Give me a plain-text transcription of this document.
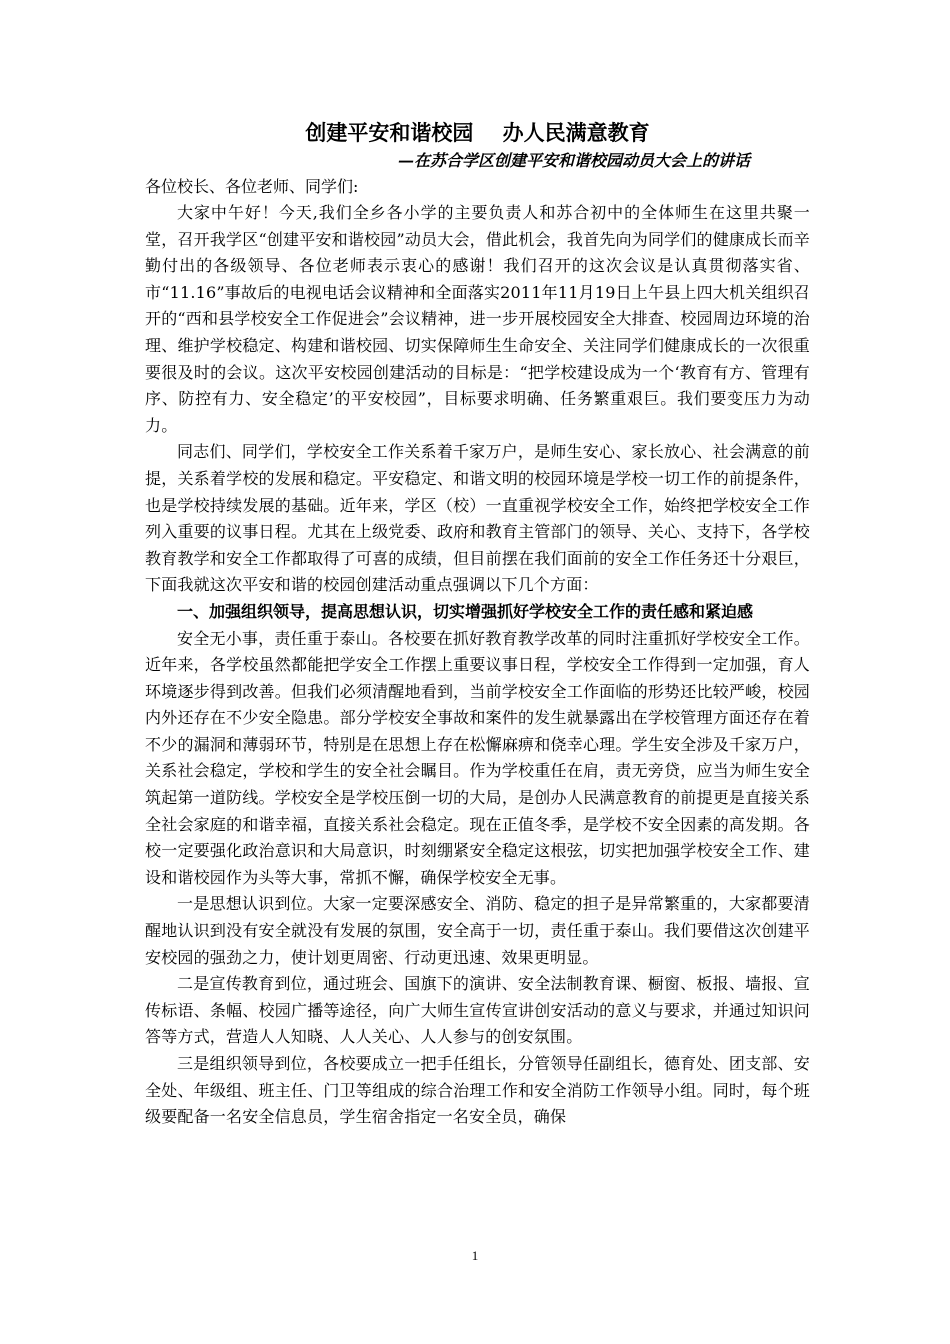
创建平安和谐校园    办人民满意教育

—在苏合学区创建平安和谐校园动员大会上的讲话

各位校长、各位老师、同学们:

大家中午好！今天,我们全乡各小学的主要负责人和苏合初中的全体师生在这里共聚一堂，召开我学区“创建平安和谐校园”动员大会，借此机会，我首先向为同学们的健康成长而辛勤付出的各级领导、各位老师表示衷心的感谢！我们召开的这次会议是认真贯彻落实省、市“11.16”事故后的电视电话会议精神和全面落实2011年11月19日上午县上四大机关组织召开的“西和县学校安全工作促进会”会议精神，进一步开展校园安全大排查、校园周边环境的治理、维护学校稳定、构建和谐校园、切实保障师生生命安全、关注同学们健康成长的一次很重要很及时的会议。这次平安校园创建活动的目标是：“把学校建设成为一个‘教育有方、管理有序、防控有力、安全稳定’的平安校园”，目标要求明确、任务繁重艰巨。我们要变压力为动力。

同志们、同学们，学校安全工作关系着千家万户，是师生安心、家长放心、社会满意的前提，关系着学校的发展和稳定。平安稳定、和谐文明的校园环境是学校一切工作的前提条件，也是学校持续发展的基础。近年来，学区（校）一直重视学校安全工作，始终把学校安全工作列入重要的议事日程。尤其在上级党委、政府和教育主管部门的领导、关心、支持下，各学校教育教学和安全工作都取得了可喜的成绩，但目前摆在我们面前的安全工作任务还十分艰巨，下面我就这次平安和谐的校园创建活动重点强调以下几个方面：

一、加强组织领导，提高思想认识，切实增强抓好学校安全工作的责任感和紧迫感

安全无小事，责任重于泰山。各校要在抓好教育教学改革的同时注重抓好学校安全工作。近年来，各学校虽然都能把学安全工作摆上重要议事日程，学校安全工作得到一定加强，育人环境逐步得到改善。但我们必须清醒地看到，当前学校安全工作面临的形势还比较严峻，校园内外还存在不少安全隐患。部分学校安全事故和案件的发生就暴露出在学校管理方面还存在着不少的漏洞和薄弱环节，特别是在思想上存在松懈麻痹和侥幸心理。学生安全涉及千家万户，关系社会稳定，学校和学生的安全社会瞩目。作为学校重任在肩，责无旁贷，应当为师生安全筑起第一道防线。学校安全是学校压倒一切的大局，是创办人民满意教育的前提更是直接关系全社会家庭的和谐幸福，直接关系社会稳定。现在正值冬季，是学校不安全因素的高发期。各校一定要强化政治意识和大局意识，时刻绷紧安全稳定这根弦，切实把加强学校安全工作、建设和谐校园作为头等大事，常抓不懈，确保学校安全无事。

一是思想认识到位。大家一定要深感安全、消防、稳定的担子是异常繁重的，大家都要清醒地认识到没有安全就没有发展的氛围，安全高于一切，责任重于泰山。我们要借这次创建平安校园的强劲之力，使计划更周密、行动更迅速、效果更明显。

二是宣传教育到位，通过班会、国旗下的演讲、安全法制教育课、橱窗、板报、墙报、宣传标语、条幅、校园广播等途径，向广大师生宣传宣讲创安活动的意义与要求，并通过知识问答等方式，营造人人知晓、人人关心、人人参与的创安氛围。

三是组织领导到位，各校要成立一把手任组长，分管领导任副组长，德育处、团支部、安全处、年级组、班主任、门卫等组成的综合治理工作和安全消防工作领导小组。同时，每个班级要配备一名安全信息员，学生宿舍指定一名安全员，确保

1
